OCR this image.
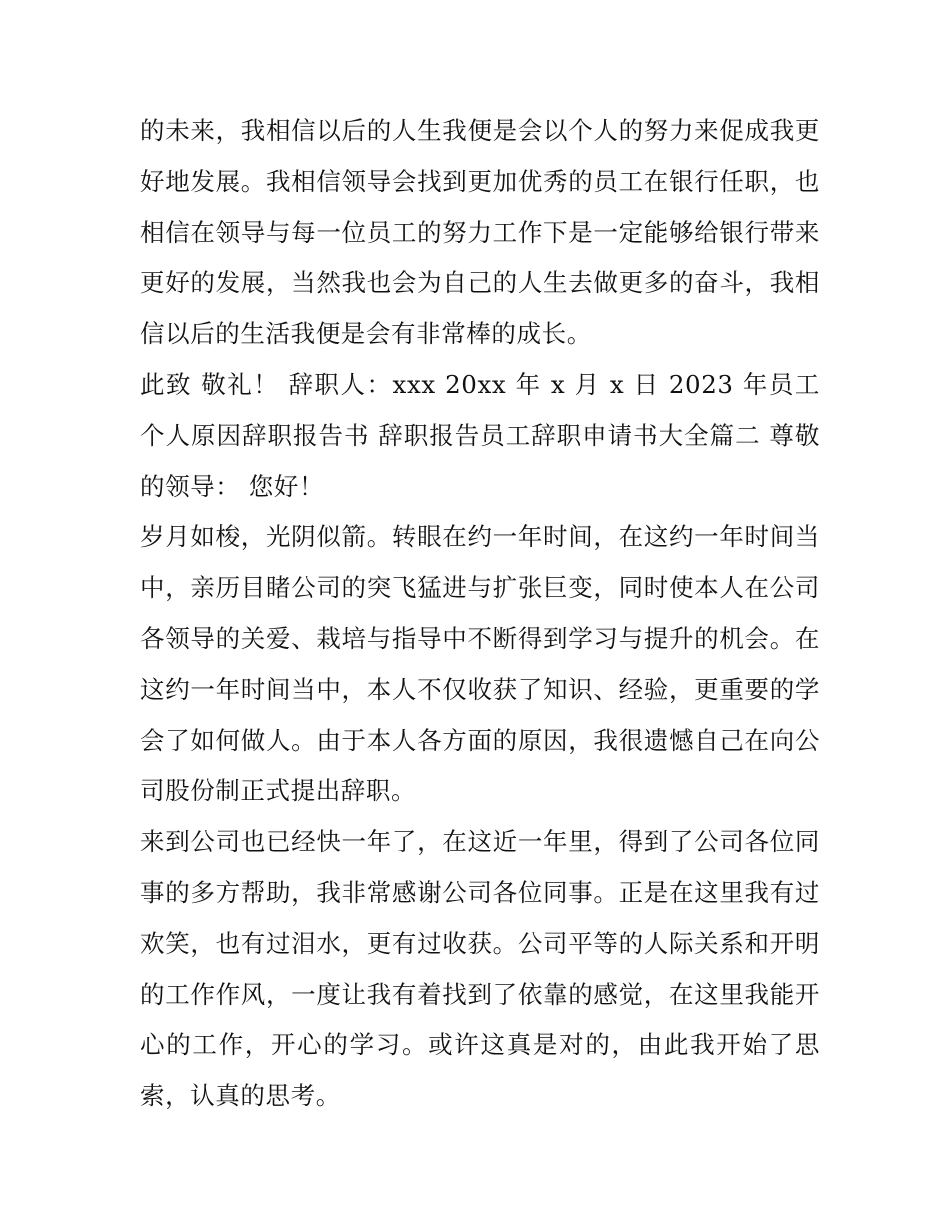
的未来，我相信以后的人生我便是会以个人的努力来促成我更好地发展。我相信领导会找到更加优秀的员工在银行任职，也相信在领导与每一位员工的努力工作下是一定能够给银行带来更好的发展，当然我也会为自己的人生去做更多的奋斗，我相信以后的生活我便是会有非常棒的成长。

此致 敬礼！ 辞职人：xxx 20xx 年 x 月 x 日 2023 年员工个人原因辞职报告书 辞职报告员工辞职申请书大全篇二 尊敬的领导： 您好！

岁月如梭，光阴似箭。转眼在约一年时间，在这约一年时间当中，亲历目睹公司的突飞猛进与扩张巨变，同时使本人在公司各领导的关爱、栽培与指导中不断得到学习与提升的机会。在这约一年时间当中，本人不仅收获了知识、经验，更重要的学会了如何做人。由于本人各方面的原因，我很遗憾自己在向公司股份制正式提出辞职。

来到公司也已经快一年了，在这近一年里，得到了公司各位同事的多方帮助，我非常感谢公司各位同事。正是在这里我有过欢笑，也有过泪水，更有过收获。公司平等的人际关系和开明的工作作风，一度让我有着找到了依靠的感觉，在这里我能开心的工作，开心的学习。或许这真是对的，由此我开始了思索，认真的思考。
